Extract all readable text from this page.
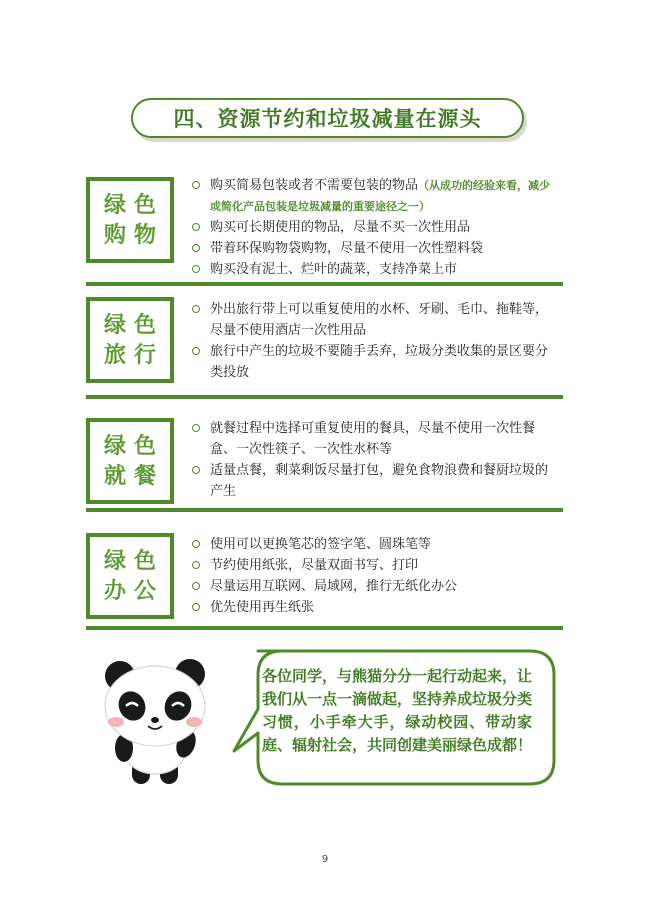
四、资源节约和垃圾减量在源头
绿色
购物

购买简易包装或者不需要包装的物品（从成功的经验来看，减少或简化产品包装是垃圾减量的重要途径之一）

购买可长期使用的物品，尽量不买一次性用品

带着环保购物袋购物，尽量不使用一次性塑料袋

购买没有泥土、烂叶的蔬菜，支持净菜上市

绿色
旅行

外出旅行带上可以重复使用的水杯、牙刷、毛巾、拖鞋等，尽量不使用酒店一次性用品

旅行中产生的垃圾不要随手丢弃，垃圾分类收集的景区要分类投放

绿色
就餐

就餐过程中选择可重复使用的餐具，尽量不使用一次性餐盒、一次性筷子、一次性水杯等

适量点餐，剩菜剩饭尽量打包，避免食物浪费和餐厨垃圾的产生

绿色
办公

使用可以更换笔芯的签字笔、圆珠笔等

节约使用纸张，尽量双面书写、打印

尽量运用互联网、局域网，推行无纸化办公

优先使用再生纸张

各位同学，与熊猫分分一起行动起来，让我们从一点一滴做起，坚持养成垃圾分类习惯，小手牵大手，绿动校园、带动家庭、辐射社会，共同创建美丽绿色成都！
9
